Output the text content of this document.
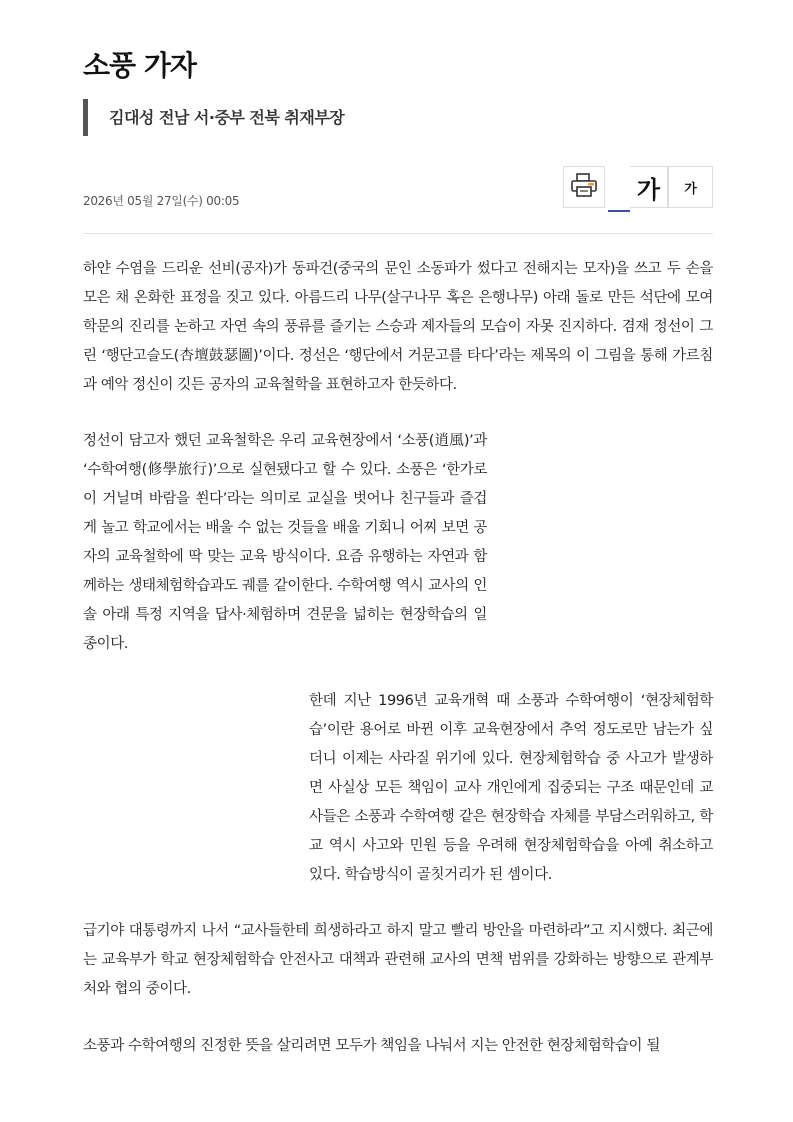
소풍 가자
김대성 전남 서·중부 전북 취재부장
2026년 05월 27일(수) 00:05	가	가

하얀 수염을 드리운 선비(공자)가 동파건(중국의 문인 소동파가 썼다고 전해지는 모자)을 쓰고 두 손을 모은 채 온화한 표정을 짓고 있다. 아름드리 나무(살구나무 혹은 은행나무) 아래 돌로 만든 석단에 모여 학문의 진리를 논하고 자연 속의 풍류를 즐기는 스승과 제자들의 모습이 자못 진지하다. 겸재 정선이 그린 ‘행단고슬도(杏壇鼓瑟圖)’이다. 정선은 ‘행단에서 거문고를 타다’라는 제목의 이 그림을 통해 가르침과 예악 정신이 깃든 공자의 교육철학을 표현하고자 한듯하다.

정선이 담고자 했던 교육철학은 우리 교육현장에서 ‘소풍(逍風)’과 ‘수학여행(修學旅行)’으로 실현됐다고 할 수 있다. 소풍은 ‘한가로이 거닐며 바람을 쐰다’라는 의미로 교실을 벗어나 친구들과 즐겁게 놀고 학교에서는 배울 수 없는 것들을 배울 기회니 어찌 보면 공자의 교육철학에 딱 맞는 교육 방식이다. 요즘 유행하는 자연과 함께하는 생태체험학습과도 궤를 같이한다. 수학여행 역시 교사의 인솔 아래 특정 지역을 답사·체험하며 견문을 넓히는 현장학습의 일종이다.

한데 지난 1996년 교육개혁 때 소풍과 수학여행이 ‘현장체험학습’이란 용어로 바뀐 이후 교육현장에서 추억 정도로만 남는가 싶더니 이제는 사라질 위기에 있다. 현장체험학습 중 사고가 발생하면 사실상 모든 책임이 교사 개인에게 집중되는 구조 때문인데 교사들은 소풍과 수학여행 같은 현장학습 자체를 부담스러워하고, 학교 역시 사고와 민원 등을 우려해 현장체험학습을 아예 취소하고 있다. 학습방식이 골칫거리가 된 셈이다.

급기야 대통령까지 나서 “교사들한테 희생하라고 하지 말고 빨리 방안을 마련하라”고 지시했다. 최근에는 교육부가 학교 현장체험학습 안전사고 대책과 관련해 교사의 면책 범위를 강화하는 방향으로 관계부처와 협의 중이다.

소풍과 수학여행의 진정한 뜻을 살리려면 모두가 책임을 나눠서 지는 안전한 현장체험학습이 될
